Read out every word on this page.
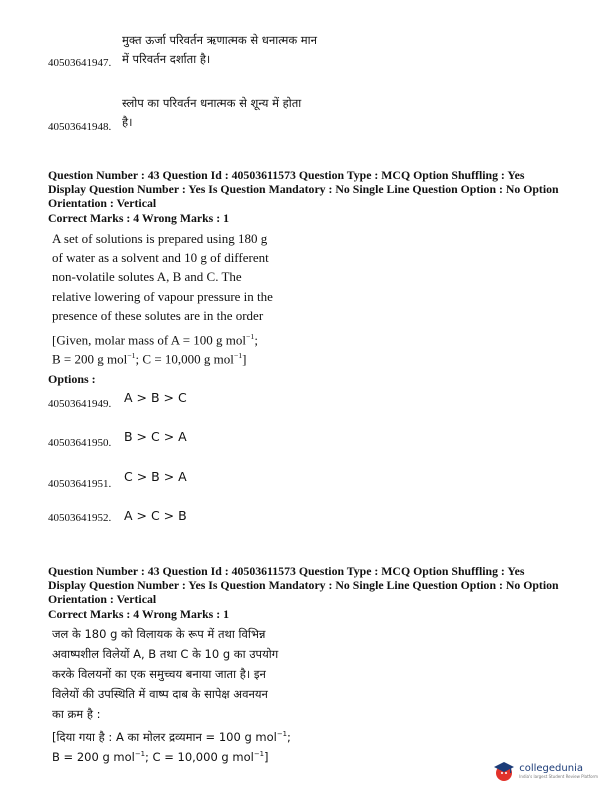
मुक्त ऊर्जा परिवर्तन ऋणात्मक से धनात्मक मान
40503641947. में परिवर्तन दर्शाता है।
स्लोप का परिवर्तन धनात्मक से शून्य में होता
40503641948. है।
Question Number : 43 Question Id : 40503611573 Question Type : MCQ Option Shuffling : Yes
Display Question Number : Yes Is Question Mandatory : No Single Line Question Option : No Option
Orientation : Vertical
Correct Marks : 4 Wrong Marks : 1
A set of solutions is prepared using 180 g
of water as a solvent and 10 g of different
non-volatile solutes A, B and C. The
relative lowering of vapour pressure in the
presence of these solutes are in the order
[Given, molar mass of A = 100 g mol$^{-1}$;
B = 200 g mol$^{-1}$; C = 10,000 g mol$^{-1}$]
Options :
40503641949. A > B > C
40503641950. B > C > A
40503641951. C > B > A
40503641952. A > C > B
Question Number : 43 Question Id : 40503611573 Question Type : MCQ Option Shuffling : Yes
Display Question Number : Yes Is Question Mandatory : No Single Line Question Option : No Option
Orientation : Vertical
Correct Marks : 4 Wrong Marks : 1
जल के 180 g को विलायक के रूप में तथा विभिन्न
अवाष्पशील विलेयों A, B तथा C के 10 g का उपयोग
करके विलयनों का एक समुच्चय बनाया जाता है। इन
विलेयों की उपस्थिति में वाष्प दाब के सापेक्ष अवनयन
का क्रम है :
[दिया गया है : A का मोलर द्रव्यमान = 100 g mol$^{-1}$;
B = 200 g mol$^{-1}$; C = 10,000 g mol$^{-1}$]
collegedunia
India's largest Student Review Platform
